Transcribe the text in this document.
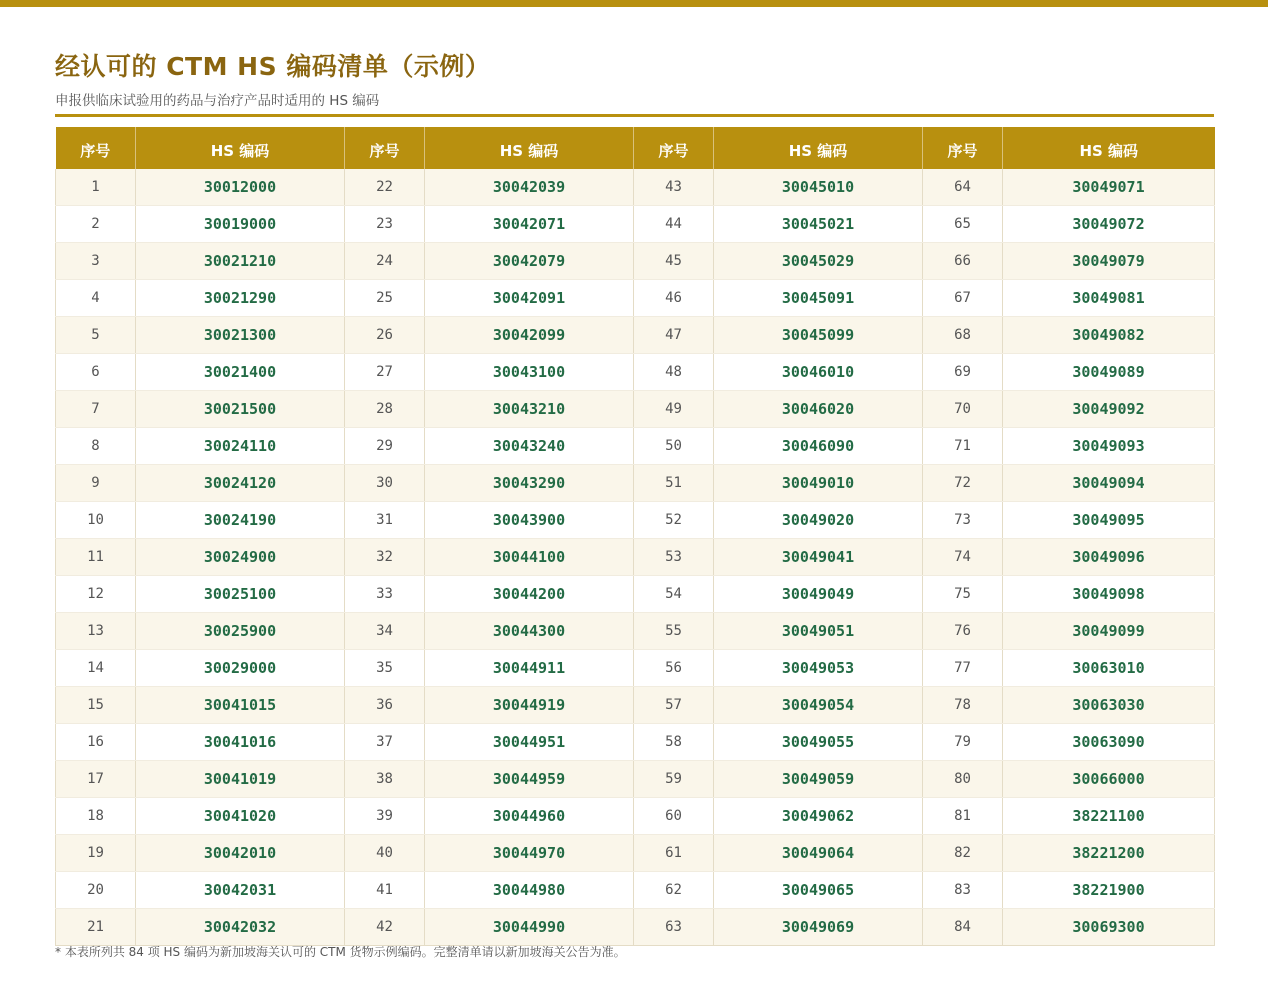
经认可的 CTM HS 编码清单（示例）
申报供临床试验用的药品与治疗产品时适用的 HS 编码
序号	HS 编码	序号	HS 编码	序号	HS 编码	序号	HS 编码
1	30012000	22	30042039	43	30045010	64	30049071
2	30019000	23	30042071	44	30045021	65	30049072
3	30021210	24	30042079	45	30045029	66	30049079
4	30021290	25	30042091	46	30045091	67	30049081
5	30021300	26	30042099	47	30045099	68	30049082
6	30021400	27	30043100	48	30046010	69	30049089
7	30021500	28	30043210	49	30046020	70	30049092
8	30024110	29	30043240	50	30046090	71	30049093
9	30024120	30	30043290	51	30049010	72	30049094
10	30024190	31	30043900	52	30049020	73	30049095
11	30024900	32	30044100	53	30049041	74	30049096
12	30025100	33	30044200	54	30049049	75	30049098
13	30025900	34	30044300	55	30049051	76	30049099
14	30029000	35	30044911	56	30049053	77	30063010
15	30041015	36	30044919	57	30049054	78	30063030
16	30041016	37	30044951	58	30049055	79	30063090
17	30041019	38	30044959	59	30049059	80	30066000
18	30041020	39	30044960	60	30049062	81	38221100
19	30042010	40	30044970	61	30049064	82	38221200
20	30042031	41	30044980	62	30049065	83	38221900
21	30042032	42	30044990	63	30049069	84	30069300
* 本表所列共 84 项 HS 编码为新加坡海关认可的 CTM 货物示例编码。完整清单请以新加坡海关公告为准。
